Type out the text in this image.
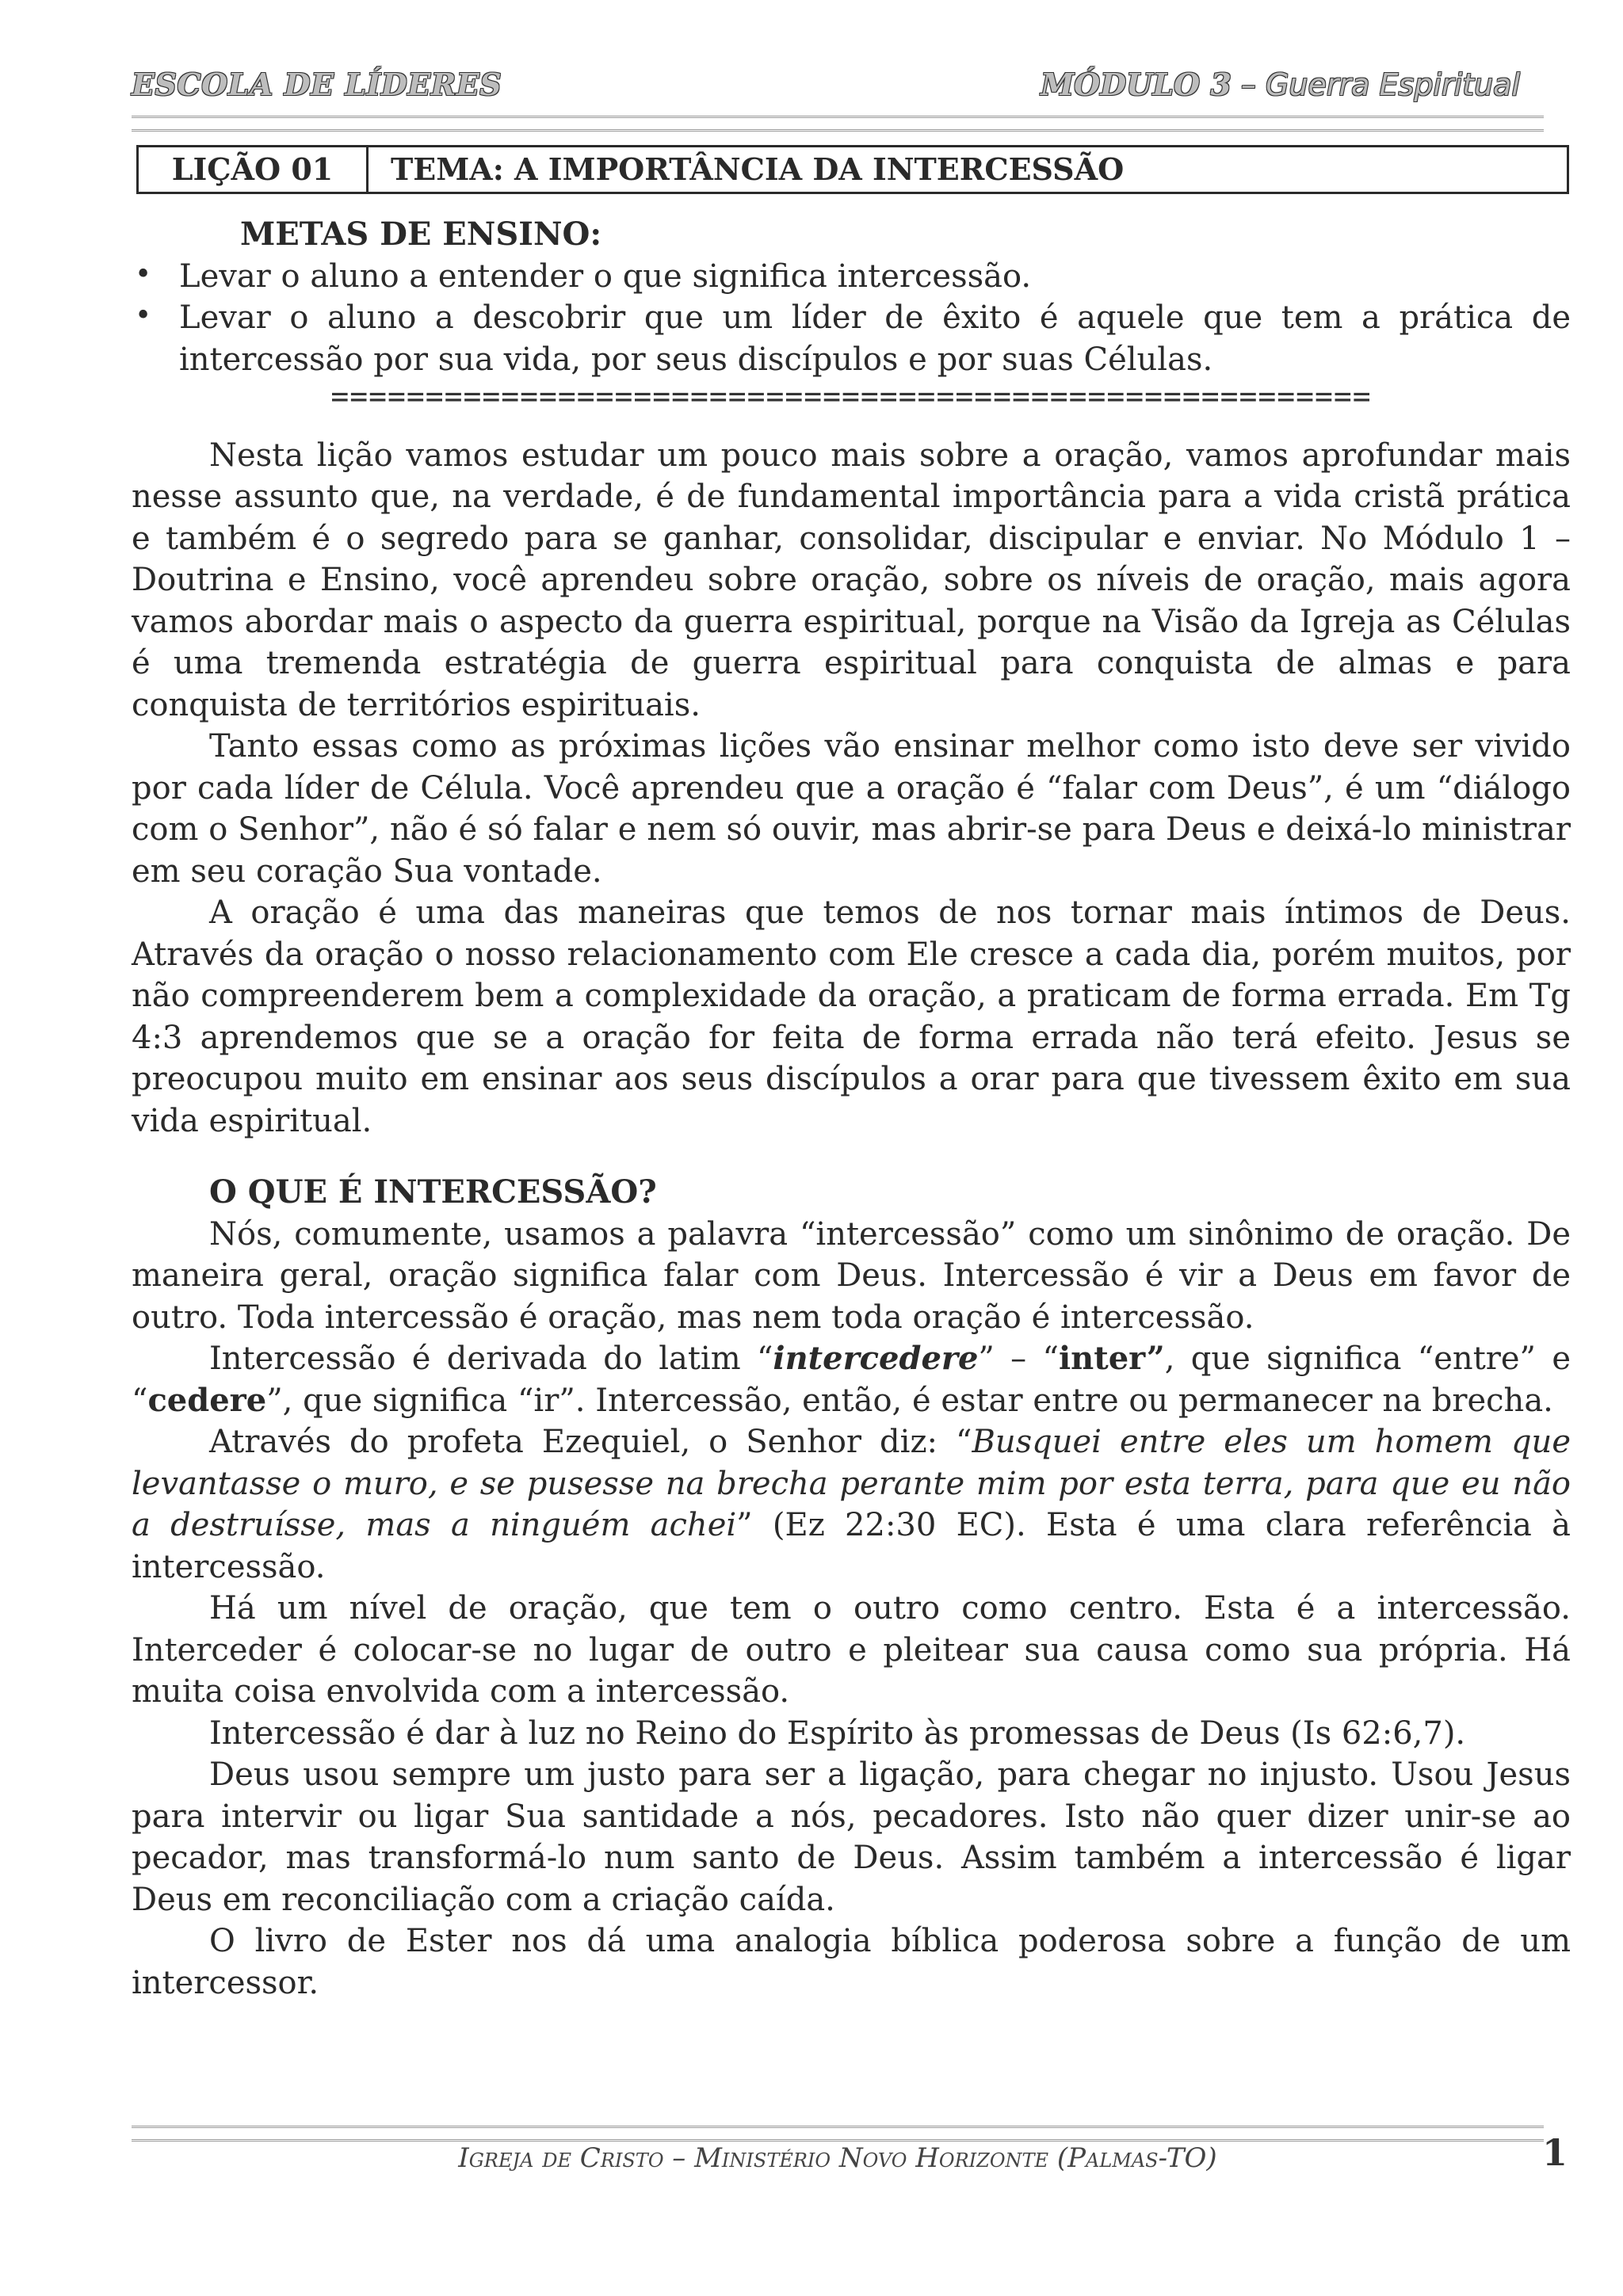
ESCOLA DE LÍDERES	MÓDULO 3 – Guerra Espiritual
LIÇÃO 01	TEMA: A IMPORTÂNCIA DA INTERCESSÃO
METAS DE ENSINO:
• Levar o aluno a entender o que significa intercessão.
• Levar o aluno a descobrir que um líder de êxito é aquele que tem a prática de intercessão por sua vida, por seus discípulos e por suas Células.
=======================================================

Nesta lição vamos estudar um pouco mais sobre a oração, vamos aprofundar mais nesse assunto que, na verdade, é de fundamental importância para a vida cristã prática e também é o segredo para se ganhar, consolidar, discipular e enviar. No Módulo 1 – Doutrina e Ensino, você aprendeu sobre oração, sobre os níveis de oração, mais agora vamos abordar mais o aspecto da guerra espiritual, porque na Visão da Igreja as Células é uma tremenda estratégia de guerra espiritual para conquista de almas e para conquista de territórios espirituais.

Tanto essas como as próximas lições vão ensinar melhor como isto deve ser vivido por cada líder de Célula. Você aprendeu que a oração é “falar com Deus”, é um “diálogo com o Senhor”, não é só falar e nem só ouvir, mas abrir-se para Deus e deixá-lo ministrar em seu coração Sua vontade.

A oração é uma das maneiras que temos de nos tornar mais íntimos de Deus. Através da oração o nosso relacionamento com Ele cresce a cada dia, porém muitos, por não compreenderem bem a complexidade da oração, a praticam de forma errada. Em Tg 4:3 aprendemos que se a oração for feita de forma errada não terá efeito. Jesus se preocupou muito em ensinar aos seus discípulos a orar para que tivessem êxito em sua vida espiritual.

O QUE É INTERCESSÃO?

Nós, comumente, usamos a palavra “intercessão” como um sinônimo de oração. De maneira geral, oração significa falar com Deus. Intercessão é vir a Deus em favor de outro. Toda intercessão é oração, mas nem toda oração é intercessão.

Intercessão é derivada do latim “intercedere” – “inter”, que significa “entre” e “cedere”, que significa “ir”. Intercessão, então, é estar entre ou permanecer na brecha.

Através do profeta Ezequiel, o Senhor diz: “Busquei entre eles um homem que levantasse o muro, e se pusesse na brecha perante mim por esta terra, para que eu não a destruísse, mas a ninguém achei” (Ez 22:30 EC). Esta é uma clara referência à intercessão.

Há um nível de oração, que tem o outro como centro. Esta é a intercessão. Interceder é colocar-se no lugar de outro e pleitear sua causa como sua própria. Há muita coisa envolvida com a intercessão.

Intercessão é dar à luz no Reino do Espírito às promessas de Deus (Is 62:6,7).

Deus usou sempre um justo para ser a ligação, para chegar no injusto. Usou Jesus para intervir ou ligar Sua santidade a nós, pecadores. Isto não quer dizer unir-se ao pecador, mas transformá-lo num santo de Deus. Assim também a intercessão é ligar Deus em reconciliação com a criação caída.

O livro de Ester nos dá uma analogia bíblica poderosa sobre a função de um intercessor.

Igreja de Cristo – Ministério Novo Horizonte (Palmas-TO)	1
